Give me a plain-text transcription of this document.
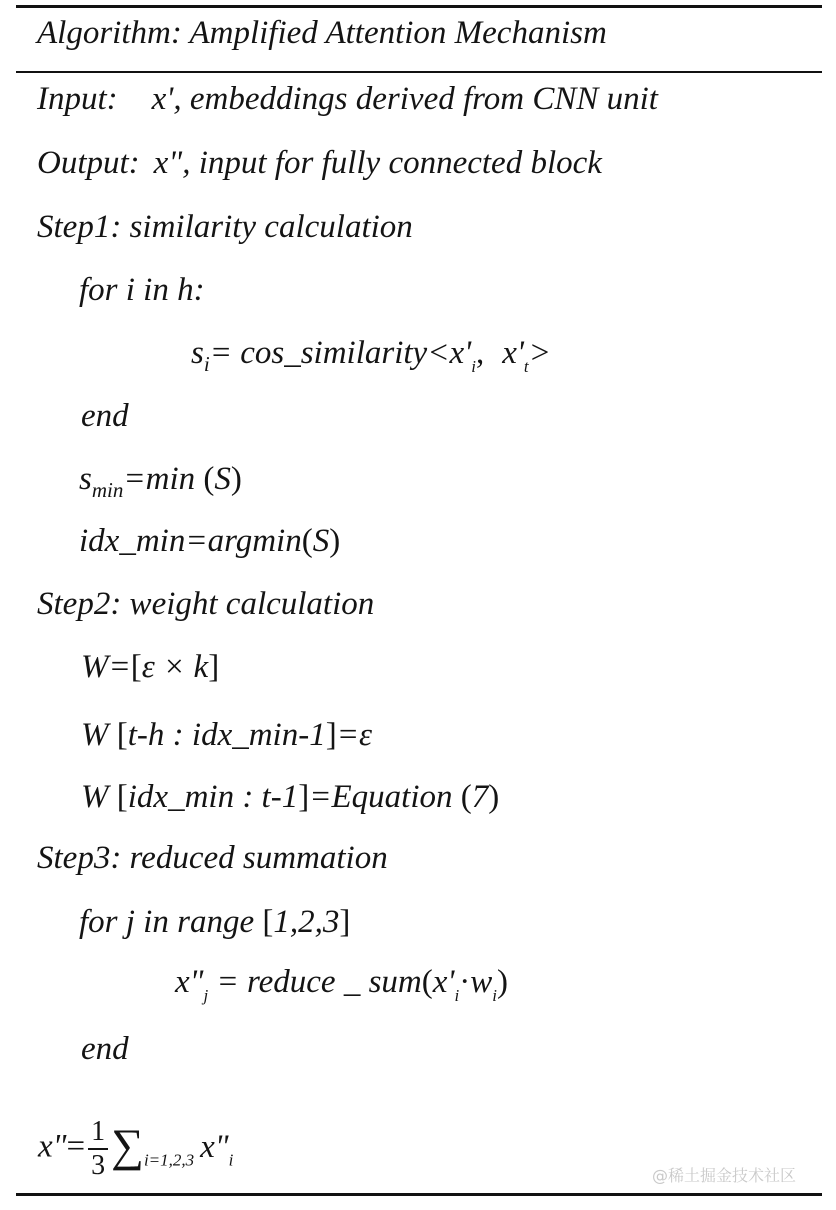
Algorithm: Amplified Attention Mechanism
Input: x', embeddings derived from CNN unit
Output: x", input for fully connected block
Step1: similarity calculation
for i in h:
$s_i=$ $\cos\_similarity<x'_i$, $x'_t>$
end
$s_{min}=\min$ (S)
idx_min=argmin(S)
Step2: weight calculation
W=[ε × k]
W [t-h : idx_min-1]=ε
W [idx_min : t-1]=Equation (7)
Step3: reduced summation
for j in range [1,2,3]
$x"_j$ = reduce _ $sum(x'_i\cdot w_i)$
end
x"= $\frac{1}{3} \sum_{i=1,2,3}$ $x"_i$
@稀土掘金技术社区
